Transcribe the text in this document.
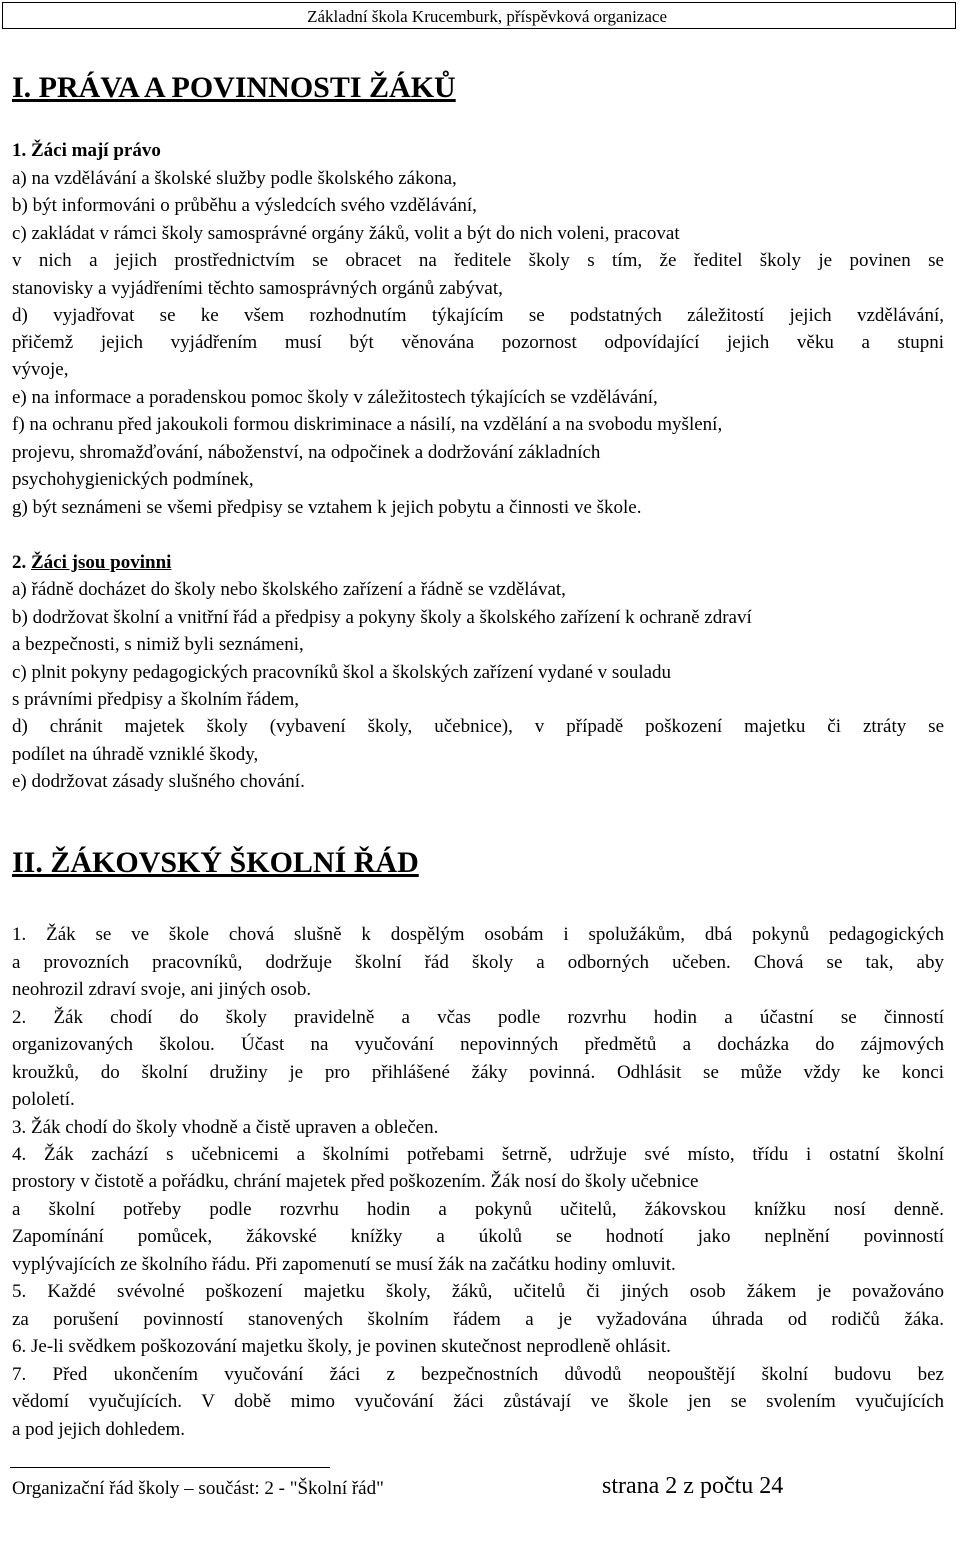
Základní škola Krucemburk, příspěvková organizace
I. PRÁVA A POVINNOSTI ŽÁKŮ
1. Žáci mají právo
a) na vzdělávání a školské služby podle školského zákona,
b) být informováni o průběhu a výsledcích svého vzdělávání,
c) zakládat v rámci školy samosprávné orgány žáků, volit a být do nich voleni, pracovat
v nich a jejich prostřednictvím se obracet na ředitele školy s tím, že ředitel školy je povinen se
stanovisky a vyjádřeními těchto samosprávných orgánů zabývat,
d) vyjadřovat se ke všem rozhodnutím týkajícím se podstatných záležitostí jejich vzdělávání,
přičemž jejich vyjádřením musí být věnována pozornost odpovídající jejich věku a stupni
vývoje,
e) na informace a poradenskou pomoc školy v záležitostech týkajících se vzdělávání,
f) na ochranu před jakoukoli formou diskriminace a násilí, na vzdělání a na svobodu myšlení,
projevu, shromažďování, náboženství, na odpočinek a dodržování základních
psychohygienických podmínek,
g) být seznámeni se všemi předpisy se vztahem k jejich pobytu a činnosti ve škole.
2. Žáci jsou povinni
a) řádně docházet do školy nebo školského zařízení a řádně se vzdělávat,
b) dodržovat školní a vnitřní řád a předpisy a pokyny školy a školského zařízení k ochraně zdraví
a bezpečnosti, s nimiž byli seznámeni,
c) plnit pokyny pedagogických pracovníků škol a školských zařízení vydané v souladu
s právními předpisy a školním řádem,
d) chránit majetek školy (vybavení školy, učebnice), v případě poškození majetku či ztráty se
podílet na úhradě vzniklé škody,
e) dodržovat zásady slušného chování.
II. ŽÁKOVSKÝ ŠKOLNÍ ŘÁD
1. Žák se ve škole chová slušně k dospělým osobám i spolužákům, dbá pokynů pedagogických
a provozních pracovníků, dodržuje školní řád školy a odborných učeben. Chová se tak, aby
neohrozil zdraví svoje, ani jiných osob.
2. Žák chodí do školy pravidelně a včas podle rozvrhu hodin a účastní se činností
organizovaných školou. Účast na vyučování nepovinných předmětů a docházka do zájmových
kroužků, do školní družiny je pro přihlášené žáky povinná. Odhlásit se může vždy ke konci
pololetí.
3. Žák chodí do školy vhodně a čistě upraven a oblečen.
4. Žák zachází s učebnicemi a školními potřebami šetrně, udržuje své místo, třídu i ostatní školní
prostory v čistotě a pořádku, chrání majetek před poškozením. Žák nosí do školy učebnice
a školní potřeby podle rozvrhu hodin a pokynů učitelů, žákovskou knížku nosí denně.
Zapomínání pomůcek, žákovské knížky a úkolů se hodnotí jako neplnění povinností
vyplývajících ze školního řádu. Při zapomenutí se musí žák na začátku hodiny omluvit.
5. Každé svévolné poškození majetku školy, žáků, učitelů či jiných osob žákem je považováno
za porušení povinností stanovených školním řádem a je vyžadována úhrada od rodičů žáka.
6. Je-li svědkem poškozování majetku školy, je povinen skutečnost neprodleně ohlásit.
7. Před ukončením vyučování žáci z bezpečnostních důvodů neopouštějí školní budovu bez
vědomí vyučujících. V době mimo vyučování žáci zůstávají ve škole jen se svolením vyučujících
a pod jejich dohledem.
Organizační řád školy – součást: 2 - "Školní řád"	strana 2 z počtu 24
